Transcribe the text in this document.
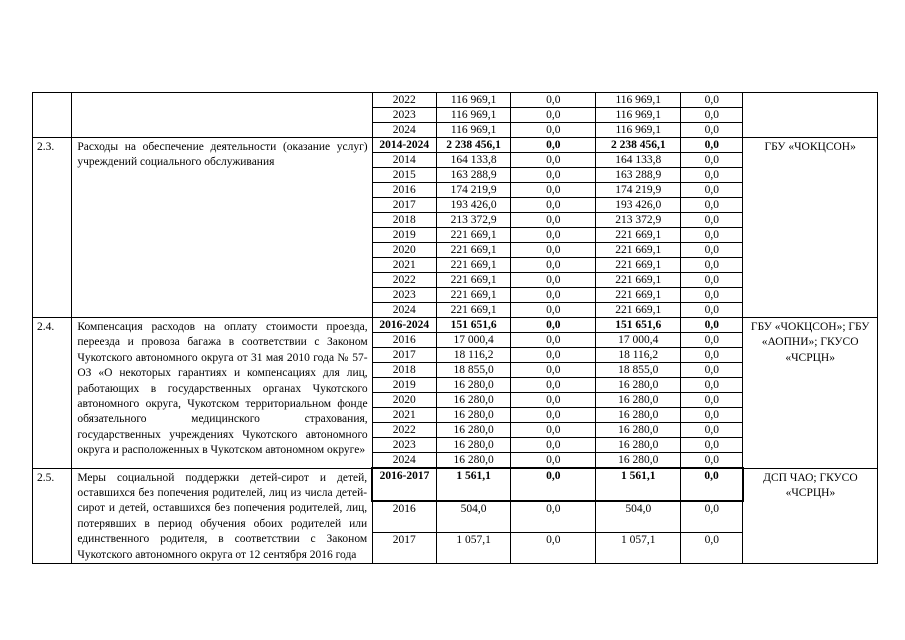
		2022	116 969,1	0,0	116 969,1	0,0	
		2023	116 969,1	0,0	116 969,1	0,0	
		2024	116 969,1	0,0	116 969,1	0,0	
2.3.	Расходы на обеспечение деятельности (оказание услуг) учреждений социального обслуживания	2014-2024	2 238 456,1	0,0	2 238 456,1	0,0	ГБУ «ЧОКЦСОН»
		2014	164 133,8	0,0	164 133,8	0,0	
		2015	163 288,9	0,0	163 288,9	0,0	
		2016	174 219,9	0,0	174 219,9	0,0	
		2017	193 426,0	0,0	193 426,0	0,0	
		2018	213 372,9	0,0	213 372,9	0,0	
		2019	221 669,1	0,0	221 669,1	0,0	
		2020	221 669,1	0,0	221 669,1	0,0	
		2021	221 669,1	0,0	221 669,1	0,0	
		2022	221 669,1	0,0	221 669,1	0,0	
		2023	221 669,1	0,0	221 669,1	0,0	
		2024	221 669,1	0,0	221 669,1	0,0	
2.4.	Компенсация расходов на оплату стоимости проезда, переезда и провоза багажа в соответствии с Законом Чукотского автономного округа от 31 мая 2010 года № 57-ОЗ «О некоторых гарантиях и компенсациях для лиц, работающих в государственных органах Чукотского автономного округа, Чукотском территориальном фонде обязательного медицинского страхования, государственных учреждениях Чукотского автономного округа и расположенных в Чукотском автономном округе»	2016-2024	151 651,6	0,0	151 651,6	0,0	ГБУ «ЧОКЦСОН»; ГБУ «АОПНИ»; ГКУСО «ЧСРЦН»
		2016	17 000,4	0,0	17 000,4	0,0	
		2017	18 116,2	0,0	18 116,2	0,0	
		2018	18 855,0	0,0	18 855,0	0,0	
		2019	16 280,0	0,0	16 280,0	0,0	
		2020	16 280,0	0,0	16 280,0	0,0	
		2021	16 280,0	0,0	16 280,0	0,0	
		2022	16 280,0	0,0	16 280,0	0,0	
		2023	16 280,0	0,0	16 280,0	0,0	
		2024	16 280,0	0,0	16 280,0	0,0	
2.5.	Меры социальной поддержки детей-сирот и детей, оставшихся без попечения родителей, лиц из числа детей-сирот и детей, оставшихся без попечения родителей, лиц, потерявших в период обучения обоих родителей или единственного родителя, в соответствии с Законом Чукотского автономного округа от 12 сентября 2016 года	2016-2017	1 561,1	0,0	1 561,1	0,0	ДСП ЧАО; ГКУСО «ЧСРЦН»
		2016	504,0	0,0	504,0	0,0	
		2017	1 057,1	0,0	1 057,1	0,0	
